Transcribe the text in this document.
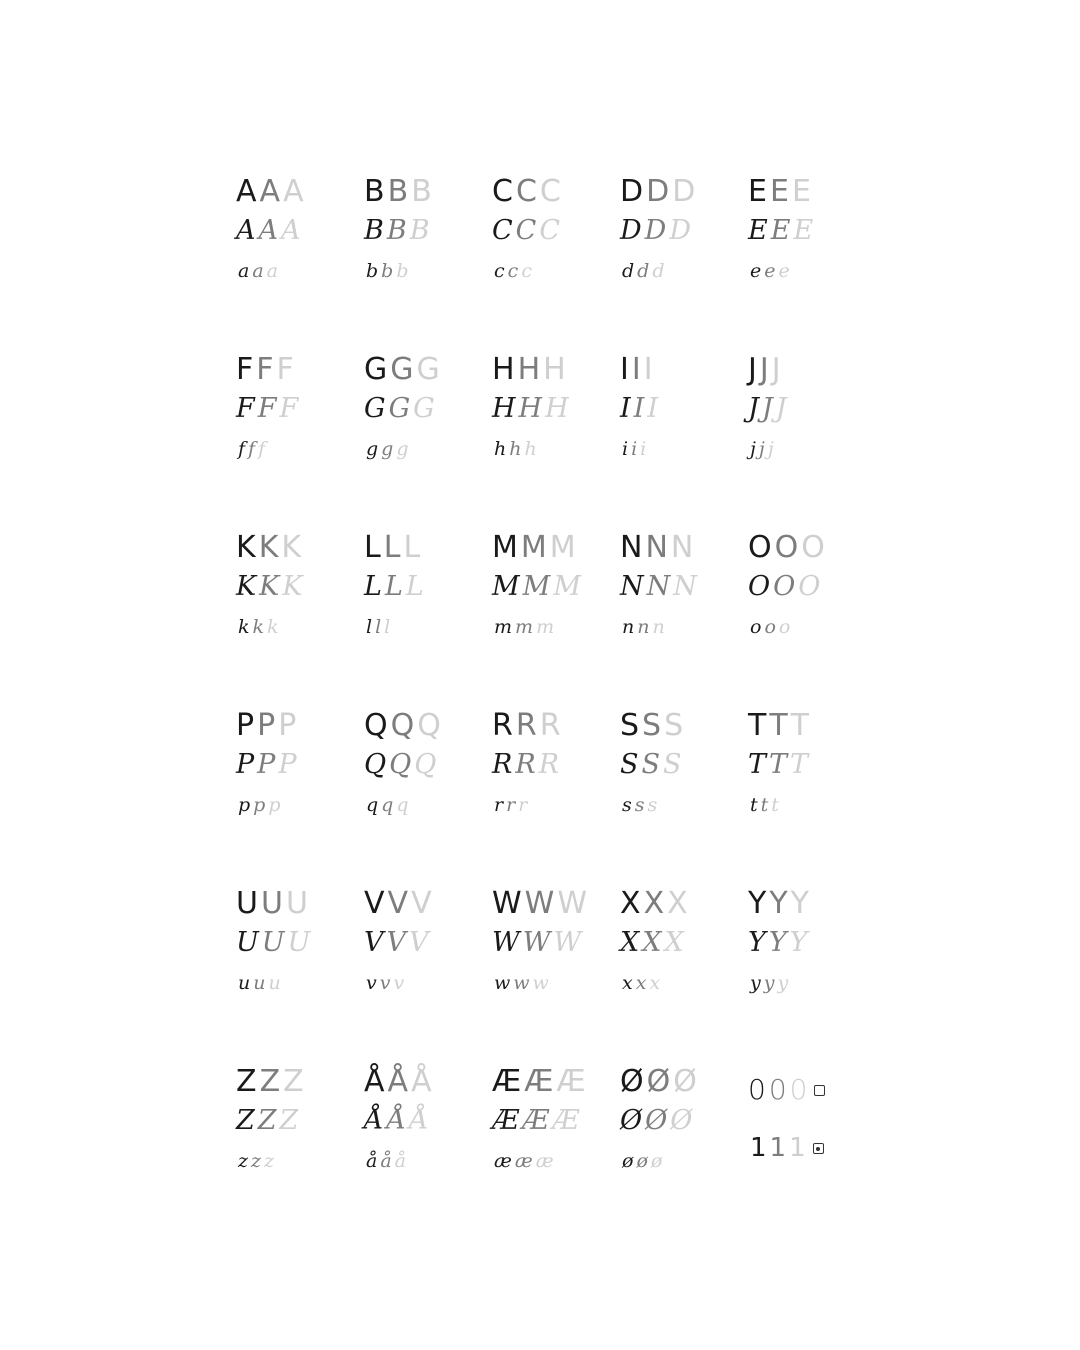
A A A
A A A
a a a
B B B
B B B
b b b
C C C
C C C
c c c
D D D
D D D
d d d
E E E
E E E
e e e
F F F
F F F
f f f
G G G
G G G
g g g
H H H
H H H
h h h
I I I
I I I
i i i
J J J
J J J
j j j
K K K
K K K
k k k
L L L
L L L
l l l
M M M
M M M
m m m
N N N
N N N
n n n
O O O
O O O
o o o
P P P
P P P
p p p
Q Q Q
Q Q Q
q q q
R R R
R R R
r r r
S S S
S S S
s s s
T T T
T T T
t t t
U U U
U U U
u u u
V V V
V V V
v v v
W W W
W W W
w w w
X X X
X X X
x x x
Y Y Y
Y Y Y
y y y
Z Z Z
Z Z Z
z z z
Å Å Å
Å Å Å
å å å
Æ Æ Æ
Æ Æ Æ
æ æ æ
Ø Ø Ø
Ø Ø Ø
ø ø ø
0 0 0
1 1 1
